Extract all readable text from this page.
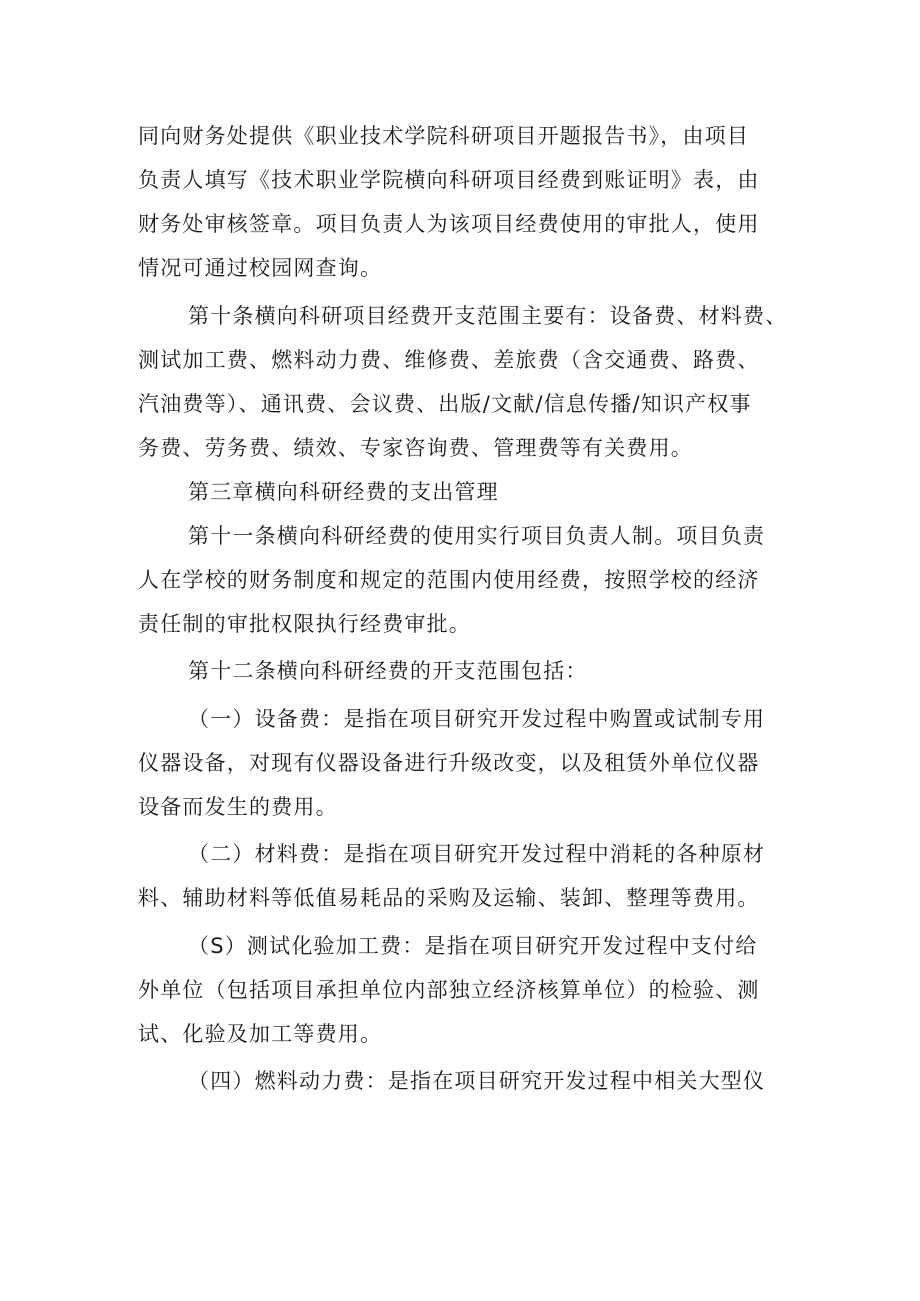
同向财务处提供《职业技术学院科研项目开题报告书》，由项目
负责人填写《技术职业学院横向科研项目经费到账证明》表，由
财务处审核签章。项目负责人为该项目经费使用的审批人，使用
情况可通过校园网查询。
第十条横向科研项目经费开支范围主要有：设备费、材料费、
测试加工费、燃料动力费、维修费、差旅费（含交通费、路费、
汽油费等）、通讯费、会议费、出版/文献/信息传播/知识产权事
务费、劳务费、绩效、专家咨询费、管理费等有关费用。
第三章横向科研经费的支出管理
第十一条横向科研经费的使用实行项目负责人制。项目负责
人在学校的财务制度和规定的范围内使用经费，按照学校的经济
责任制的审批权限执行经费审批。
第十二条横向科研经费的开支范围包括：
（一）设备费：是指在项目研究开发过程中购置或试制专用
仪器设备，对现有仪器设备进行升级改变，以及租赁外单位仪器
设备而发生的费用。
（二）材料费：是指在项目研究开发过程中消耗的各种原材
料、辅助材料等低值易耗品的采购及运输、装卸、整理等费用。
（S）测试化验加工费：是指在项目研究开发过程中支付给
外单位（包括项目承担单位内部独立经济核算单位）的检验、测
试、化验及加工等费用。
（四）燃料动力费：是指在项目研究开发过程中相关大型仪
